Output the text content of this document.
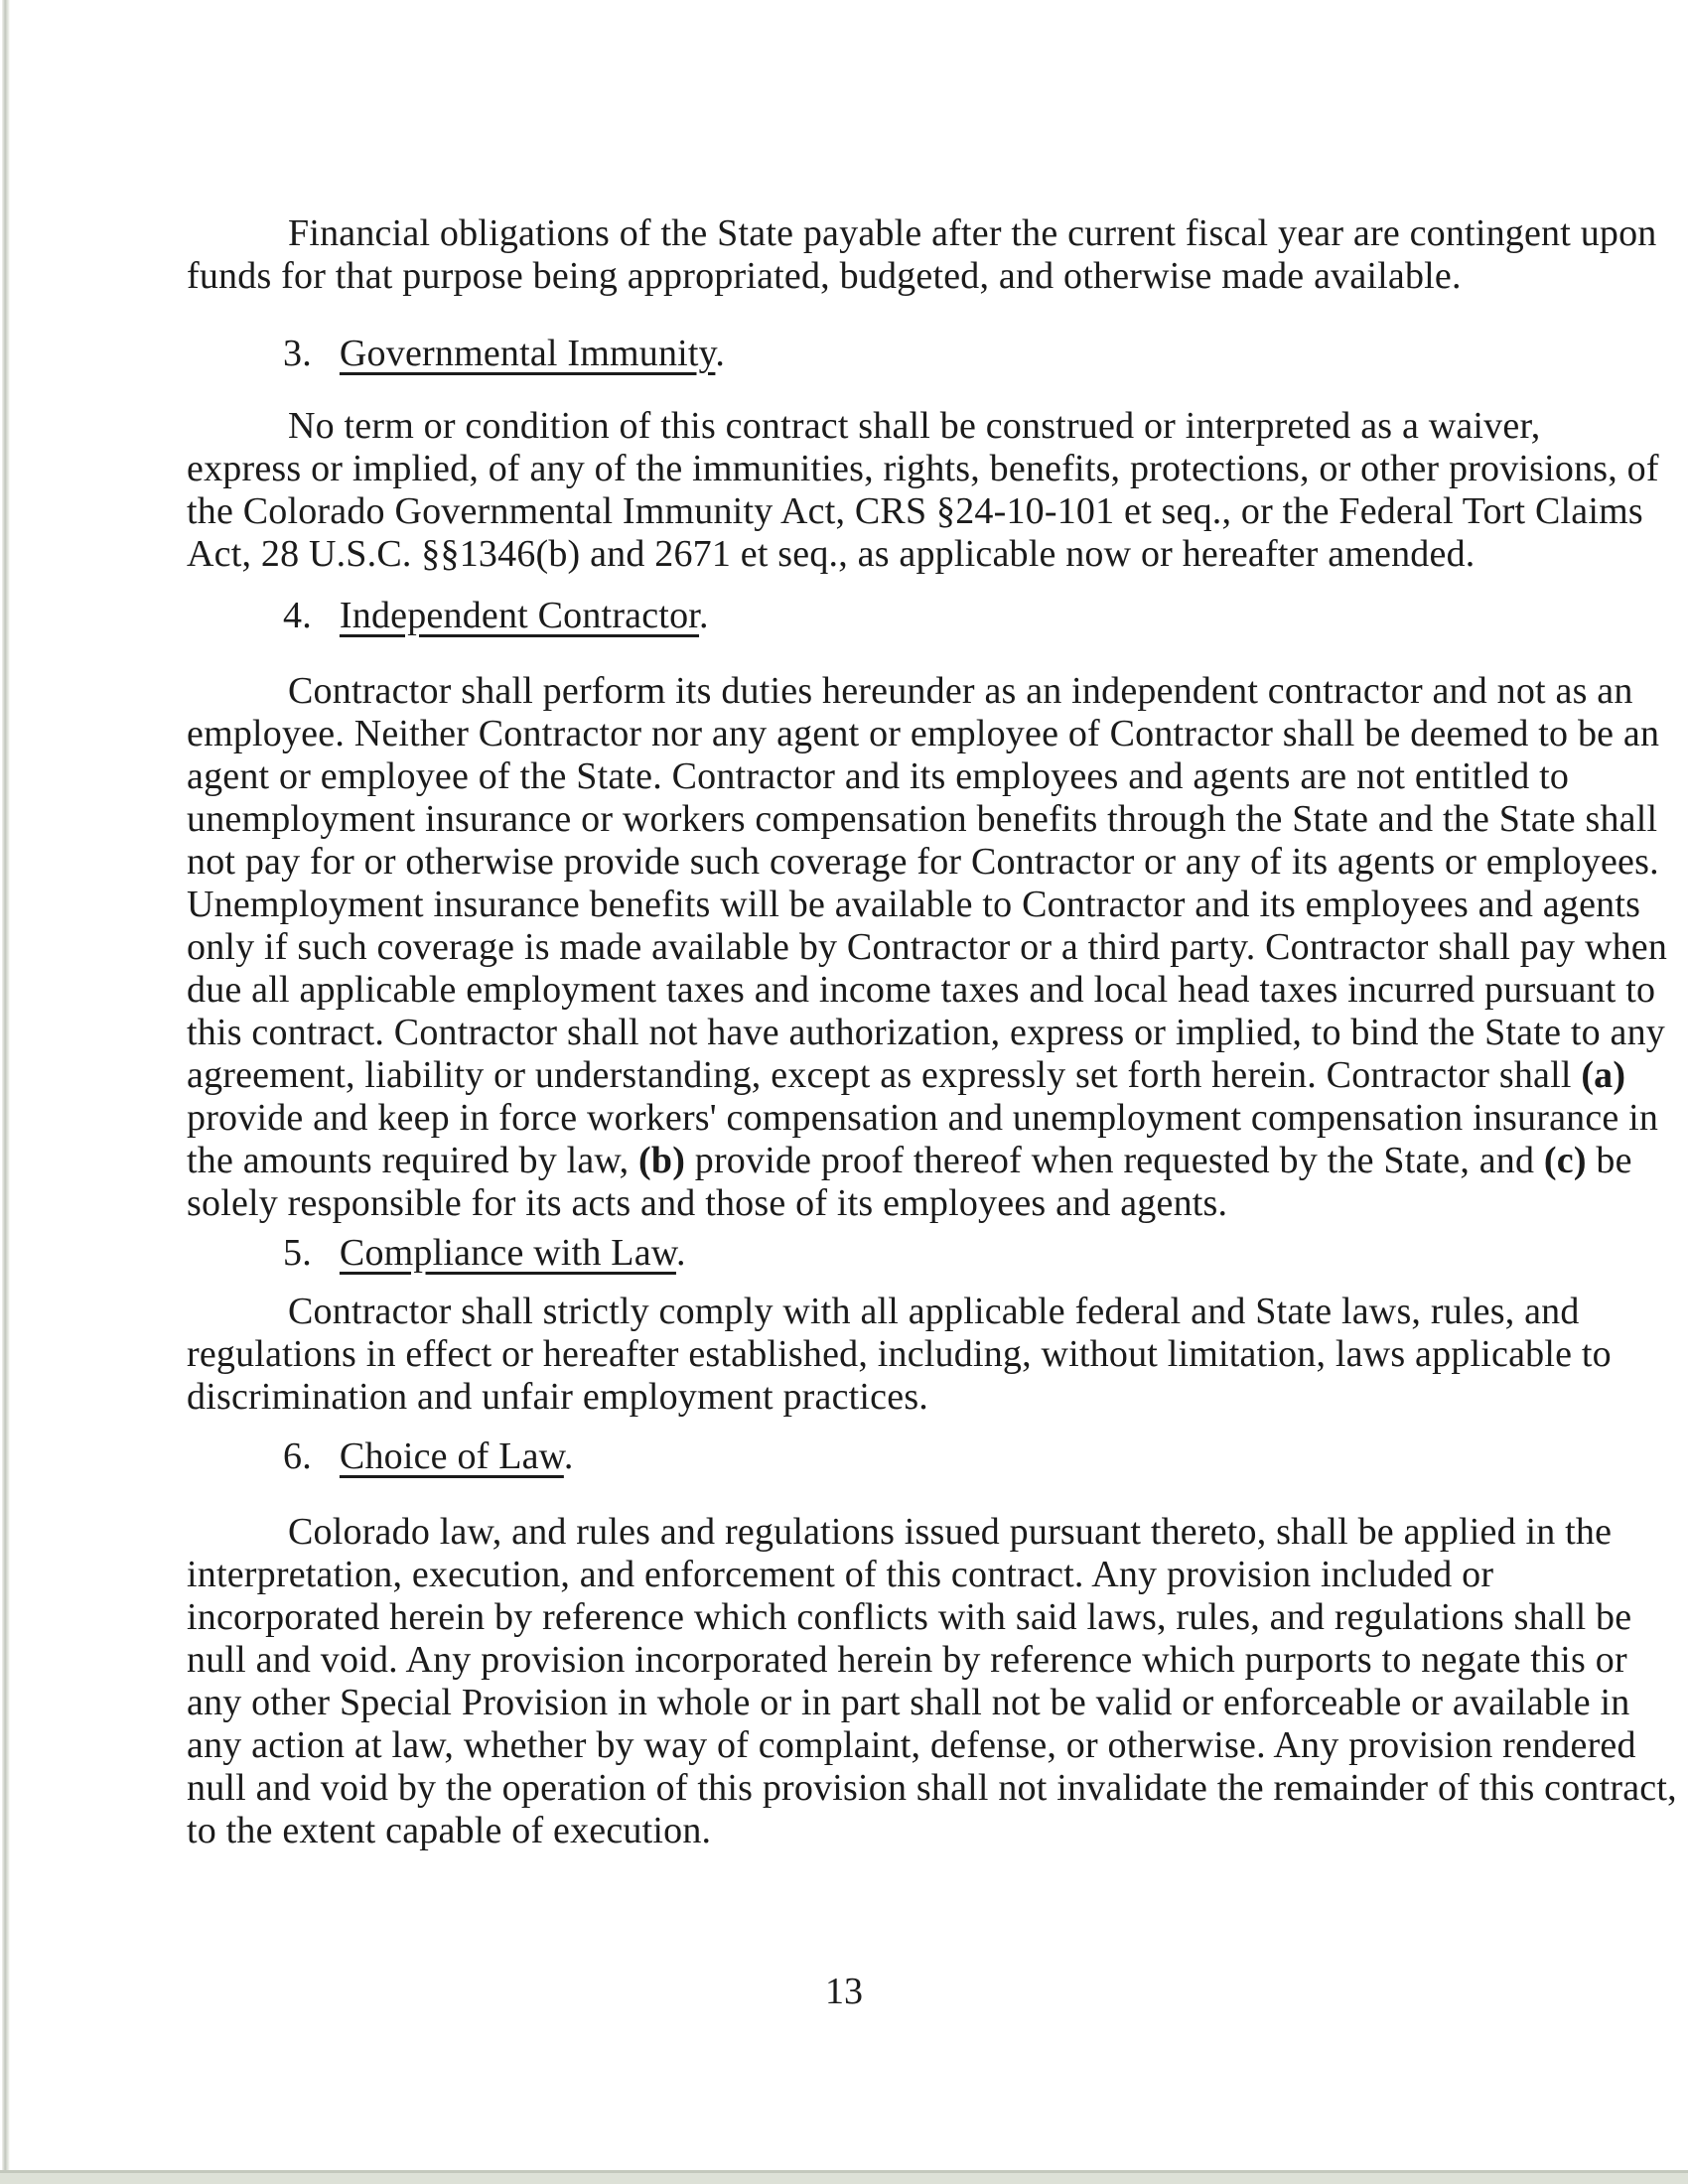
Financial obligations of the State payable after the current fiscal year are contingent upon
funds for that purpose being appropriated, budgeted, and otherwise made available.
3. Governmental Immunity.
No term or condition of this contract shall be construed or interpreted as a waiver,
express or implied, of any of the immunities, rights, benefits, protections, or other provisions, of
the Colorado Governmental Immunity Act, CRS §24-10-101 et seq., or the Federal Tort Claims
Act, 28 U.S.C. §§1346(b) and 2671 et seq., as applicable now or hereafter amended.
4. Independent Contractor.
Contractor shall perform its duties hereunder as an independent contractor and not as an
employee. Neither Contractor nor any agent or employee of Contractor shall be deemed to be an
agent or employee of the State. Contractor and its employees and agents are not entitled to
unemployment insurance or workers compensation benefits through the State and the State shall
not pay for or otherwise provide such coverage for Contractor or any of its agents or employees.
Unemployment insurance benefits will be available to Contractor and its employees and agents
only if such coverage is made available by Contractor or a third party. Contractor shall pay when
due all applicable employment taxes and income taxes and local head taxes incurred pursuant to
this contract. Contractor shall not have authorization, express or implied, to bind the State to any
agreement, liability or understanding, except as expressly set forth herein. Contractor shall (a)
provide and keep in force workers' compensation and unemployment compensation insurance in
the amounts required by law, (b) provide proof thereof when requested by the State, and (c) be
solely responsible for its acts and those of its employees and agents.
5. Compliance with Law.
Contractor shall strictly comply with all applicable federal and State laws, rules, and
regulations in effect or hereafter established, including, without limitation, laws applicable to
discrimination and unfair employment practices.
6. Choice of Law.
Colorado law, and rules and regulations issued pursuant thereto, shall be applied in the
interpretation, execution, and enforcement of this contract. Any provision included or
incorporated herein by reference which conflicts with said laws, rules, and regulations shall be
null and void. Any provision incorporated herein by reference which purports to negate this or
any other Special Provision in whole or in part shall not be valid or enforceable or available in
any action at law, whether by way of complaint, defense, or otherwise. Any provision rendered
null and void by the operation of this provision shall not invalidate the remainder of this contract,
to the extent capable of execution.
13
